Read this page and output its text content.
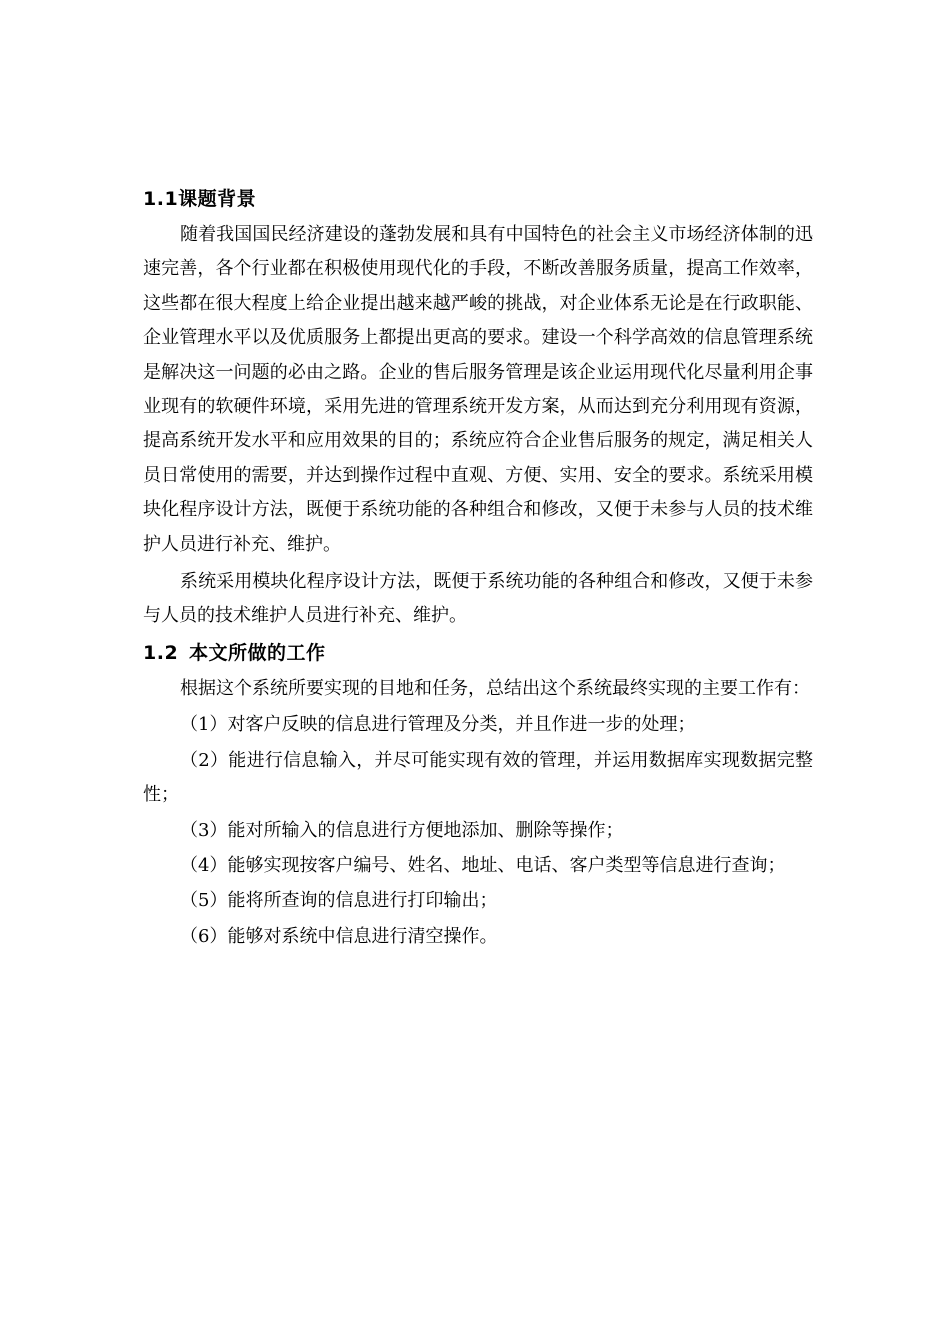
1.1课题背景

随着我国国民经济建设的蓬勃发展和具有中国特色的社会主义市场经济体制的迅速完善，各个行业都在积极使用现代化的手段，不断改善服务质量，提高工作效率，这些都在很大程度上给企业提出越来越严峻的挑战，对企业体系无论是在行政职能、企业管理水平以及优质服务上都提出更高的要求。建设一个科学高效的信息管理系统是解决这一问题的必由之路。企业的售后服务管理是该企业运用现代化尽量利用企事业现有的软硬件环境，采用先进的管理系统开发方案，从而达到充分利用现有资源，提高系统开发水平和应用效果的目的；系统应符合企业售后服务的规定，满足相关人员日常使用的需要，并达到操作过程中直观、方便、实用、安全的要求。系统采用模块化程序设计方法，既便于系统功能的各种组合和修改，又便于未参与人员的技术维护人员进行补充、维护。

系统采用模块化程序设计方法，既便于系统功能的各种组合和修改，又便于未参与人员的技术维护人员进行补充、维护。

1.2 本文所做的工作

根据这个系统所要实现的目地和任务，总结出这个系统最终实现的主要工作有：

（1）对客户反映的信息进行管理及分类，并且作进一步的处理；

（2）能进行信息输入，并尽可能实现有效的管理，并运用数据库实现数据完整性；

（3）能对所输入的信息进行方便地添加、删除等操作；

（4）能够实现按客户编号、姓名、地址、电话、客户类型等信息进行查询；

（5）能将所查询的信息进行打印输出；

（6）能够对系统中信息进行清空操作。
